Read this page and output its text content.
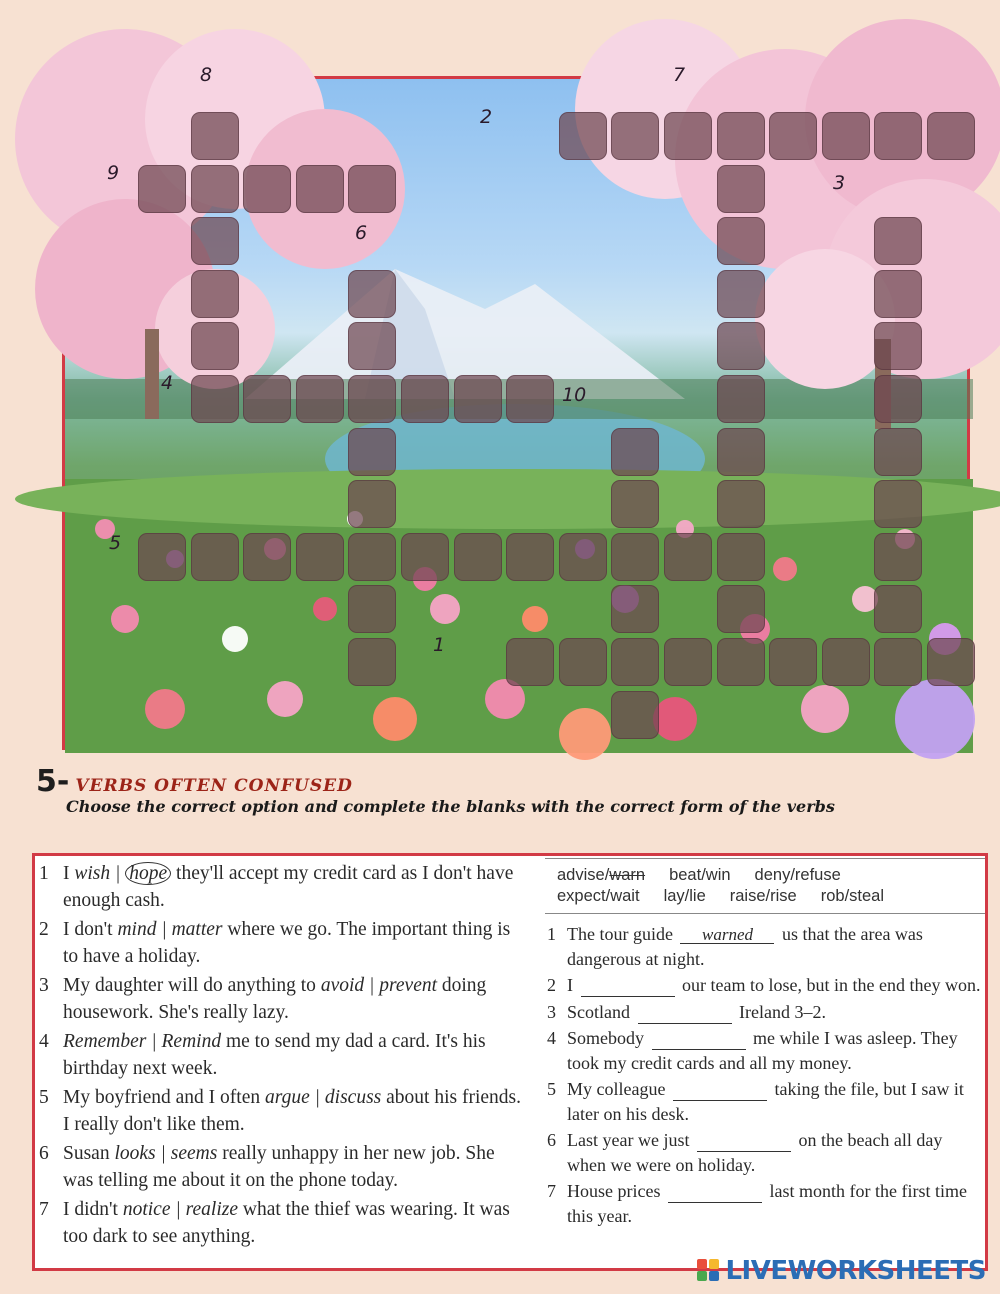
8	7
2
9	3
6
4
10
5
1
5- VERBS OFTEN CONFUSED
Choose the correct option and complete the blanks with the correct form of the verbs
1 I wish | hope they'll accept my credit card as I don't have enough cash.
2 I don't mind | matter where we go. The important thing is to have a holiday.
3 My daughter will do anything to avoid | prevent doing housework. She's really lazy.
4 Remember | Remind me to send my dad a card. It's his birthday next week.
5 My boyfriend and I often argue | discuss about his friends. I really don't like them.
6 Susan looks | seems really unhappy in her new job. She was telling me about it on the phone today.
7 I didn't notice | realize what the thief was wearing. It was too dark to see anything.
advise/warn beat/win deny/refuse
expect/wait lay/lie raise/rise rob/steal
1 The tour guide warned us that the area was dangerous at night.
2 I	our team to lose, but in the end they won.
3 Scotland	Ireland 3–2.
4 Somebody	me while I was asleep. They took my credit cards and all my money.
5 My colleague	taking the file, but I saw it later on his desk.
6 Last year we just	on the beach all day when we were on holiday.
7 House prices	last month for the first time this year.
LIVEWORKSHEETS
